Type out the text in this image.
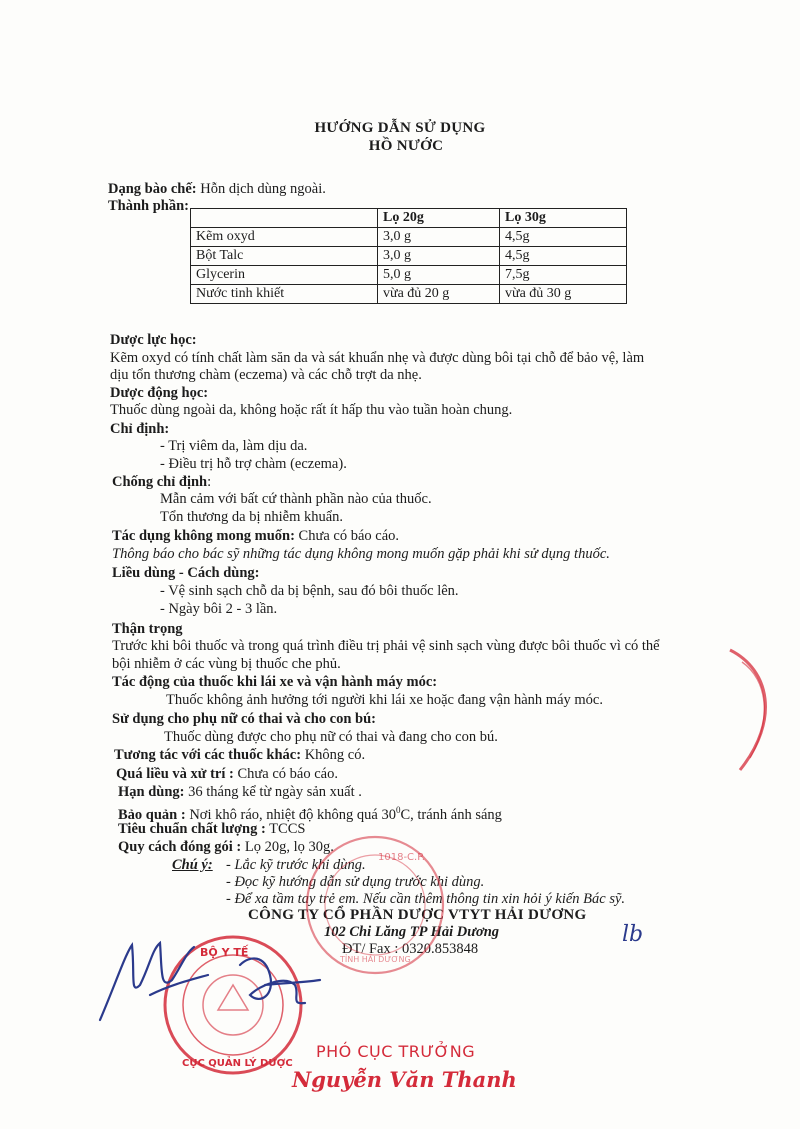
HƯỚNG DẪN SỬ DỤNG
HỒ NƯỚC
Dạng bào chế: Hỗn dịch dùng ngoài.
Thành phần:
	Lọ 20g	Lọ 30g
Kẽm oxyd	3,0 g	4,5g
Bột Talc	3,0 g	4,5g
Glycerin	5,0 g	7,5g
Nước tinh khiết	vừa đủ 20 g	vừa đủ 30 g
Dược lực học:
Kẽm oxyd có tính chất làm săn da và sát khuẩn nhẹ và được dùng bôi tại chỗ để bảo vệ, làm
dịu tổn thương chàm (eczema) và các chỗ trợt da nhẹ.
Dược động học:
Thuốc dùng ngoài da, không hoặc rất ít hấp thu vào tuần hoàn chung.
Chỉ định:
- Trị viêm da, làm dịu da.
- Điều trị hỗ trợ chàm (eczema).
Chống chỉ định:
Mẫn cảm với bất cứ thành phần nào của thuốc.
Tổn thương da bị nhiễm khuẩn.
Tác dụng không mong muốn: Chưa có báo cáo.
Thông báo cho bác sỹ những tác dụng không mong muốn gặp phải khi sử dụng thuốc.
Liều dùng - Cách dùng:
- Vệ sinh sạch chỗ da bị bệnh, sau đó bôi thuốc lên.
- Ngày bôi 2 - 3 lần.
Thận trọng
Trước khi bôi thuốc và trong quá trình điều trị phải vệ sinh sạch vùng được bôi thuốc vì có thể
bội nhiễm ở các vùng bị thuốc che phủ.
Tác động của thuốc khi lái xe và vận hành máy móc:
Thuốc không ảnh hưởng tới người khi lái xe hoặc đang vận hành máy móc.
Sử dụng cho phụ nữ có thai và cho con bú:
Thuốc dùng được cho phụ nữ có thai và đang cho con bú.
Tương tác với các thuốc khác: Không có.
Quá liều và xử trí : Chưa có báo cáo.
Hạn dùng: 36 tháng kể từ ngày sản xuất .
Bảo quản : Nơi khô ráo, nhiệt độ không quá $30^0C$, tránh ánh sáng
Tiêu chuẩn chất lượng : TCCS
Quy cách đóng gói : Lọ 20g, lọ 30g.
Chú ý: - Lắc kỹ trước khi dùng.
- Đọc kỹ hướng dẫn sử dụng trước khi dùng.
- Để xa tầm tay trẻ em. Nếu cần thêm thông tin xin hỏi ý kiến Bác sỹ.
CÔNG TY CỔ PHẦN DƯỢC VTYT HẢI DƯƠNG
102 Chi Lăng TP Hải Dương
ĐT/ Fax : 0320.853848
1018-C.P.
TỈNH HẢI DƯƠNG
BỘ Y TẾ
CỤC QUẢN LÝ DƯỢC
lb
PHÓ CỤC TRƯỞNG
Nguyễn Văn Thanh
